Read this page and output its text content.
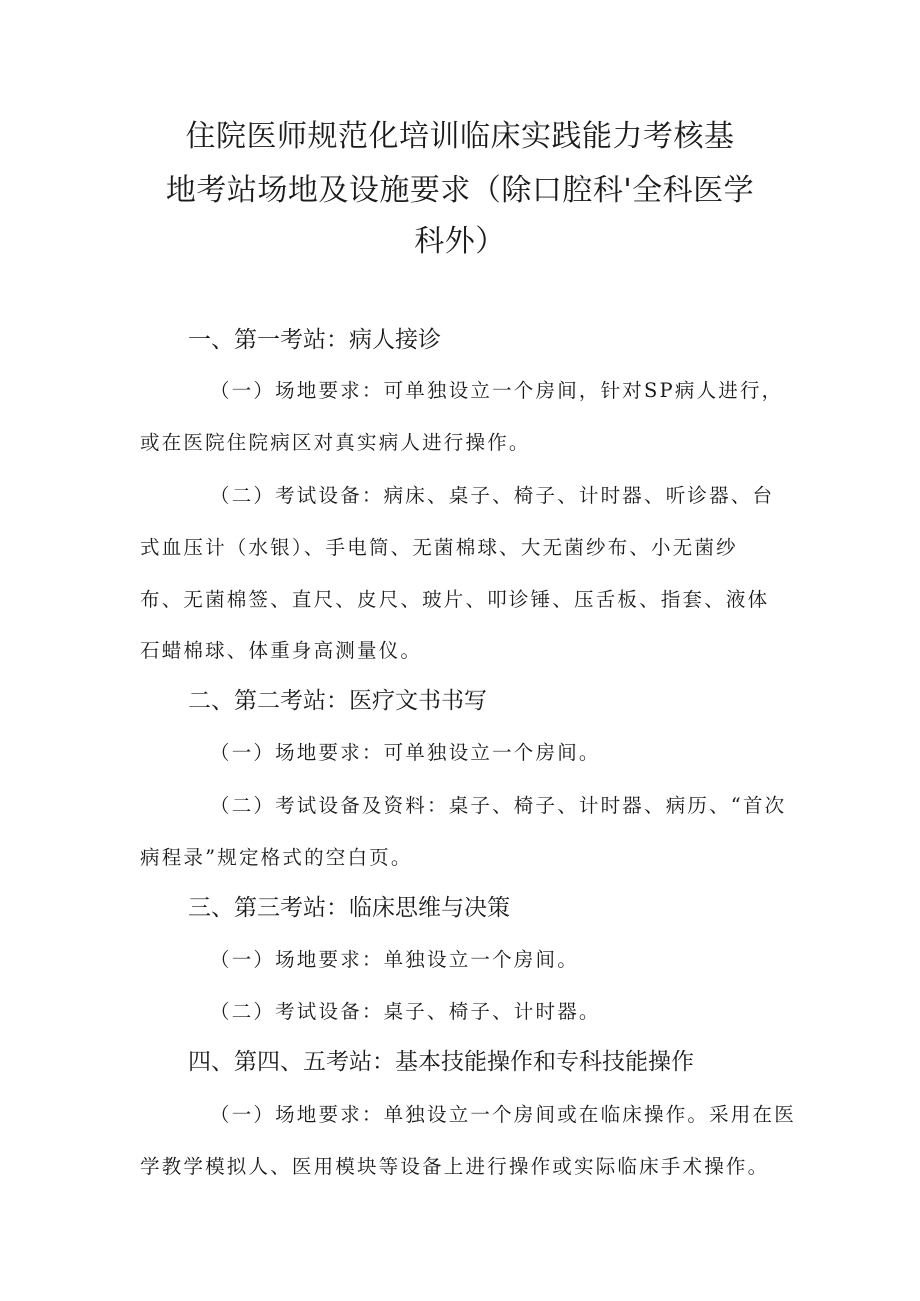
住院医师规范化培训临床实践能力考核基
地考站场地及设施要求（除口腔科'全科医学
科外）
一、第一考站：病人接诊
（一）场地要求：可单独设立一个房间，针对SP病人进行，
或在医院住院病区对真实病人进行操作。
（二）考试设备：病床、桌子、椅子、计时器、听诊器、台
式血压计（水银）、手电筒、无菌棉球、大无菌纱布、小无菌纱
布、无菌棉签、直尺、皮尺、玻片、叩诊锤、压舌板、指套、液体
石蜡棉球、体重身高测量仪。
二、第二考站：医疗文书书写
（一）场地要求：可单独设立一个房间。
（二）考试设备及资料：桌子、椅子、计时器、病历、“首次
病程录”规定格式的空白页。
三、第三考站：临床思维与决策
（一）场地要求：单独设立一个房间。
（二）考试设备：桌子、椅子、计时器。
四、第四、五考站：基本技能操作和专科技能操作
（一）场地要求：单独设立一个房间或在临床操作。采用在医
学教学模拟人、医用模块等设备上进行操作或实际临床手术操作。
